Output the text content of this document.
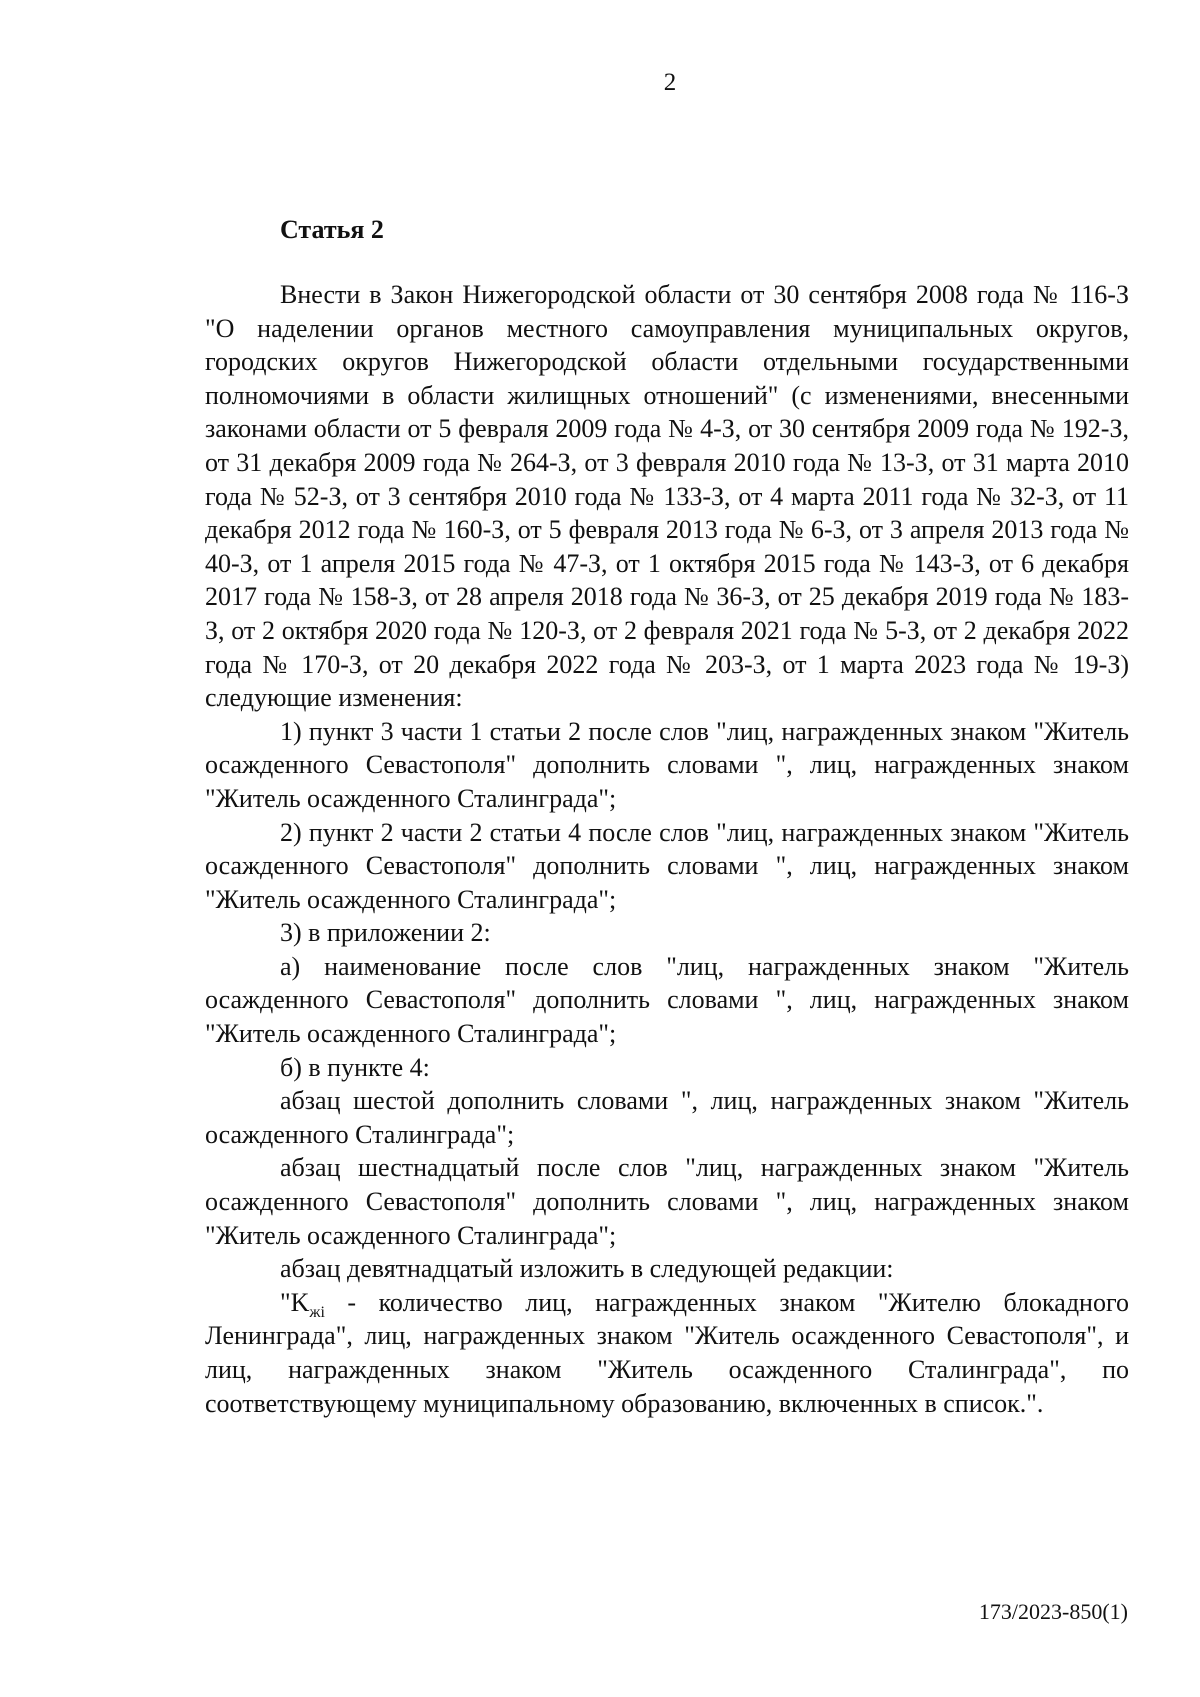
2
Статья 2

Внести в Закон Нижегородской области от 30 сентября 2008 года № 116-З "О наделении органов местного самоуправления муниципальных округов, городских округов Нижегородской области отдельными государственными полномочиями в области жилищных отношений" (с изменениями, внесенными законами области от 5 февраля 2009 года № 4-З, от 30 сентября 2009 года № 192-З, от 31 декабря 2009 года № 264-З, от 3 февраля 2010 года № 13-З, от 31 марта 2010 года № 52-З, от 3 сентября 2010 года № 133-З, от 4 марта 2011 года № 32-З, от 11 декабря 2012 года № 160-З, от 5 февраля 2013 года № 6-З, от 3 апреля 2013 года № 40-З, от 1 апреля 2015 года № 47-З, от 1 октября 2015 года № 143-З, от 6 декабря 2017 года № 158-З, от 28 апреля 2018 года № 36-З, от 25 декабря 2019 года № 183-З, от 2 октября 2020 года № 120-З, от 2 февраля 2021 года № 5-З, от 2 декабря 2022 года № 170-З, от 20 декабря 2022 года № 203-З, от 1 марта 2023 года № 19-З) следующие изменения:

1) пункт 3 части 1 статьи 2 после слов "лиц, награжденных знаком "Житель осажденного Севастополя" дополнить словами ", лиц, награжденных знаком "Житель осажденного Сталинграда";

2) пункт 2 части 2 статьи 4 после слов "лиц, награжденных знаком "Житель осажденного Севастополя" дополнить словами ", лиц, награжденных знаком "Житель осажденного Сталинграда";

3) в приложении 2:

а) наименование после слов "лиц, награжденных знаком "Житель осажденного Севастополя" дополнить словами ", лиц, награжденных знаком "Житель осажденного Сталинграда";

б) в пункте 4:

абзац шестой дополнить словами ", лиц, награжденных знаком "Житель осажденного Сталинграда";

абзац шестнадцатый после слов "лиц, награжденных знаком "Житель осажденного Севастополя" дополнить словами ", лиц, награжденных знаком "Житель осажденного Сталинграда";

абзац девятнадцатый изложить в следующей редакции:

"$K_{жi}$ - количество лиц, награжденных знаком "Жителю блокадного Ленинграда", лиц, награжденных знаком "Житель осажденного Севастополя", и лиц, награжденных знаком "Житель осажденного Сталинграда", по соответствующему муниципальному образованию, включенных в список.".

173/2023-850(1)
